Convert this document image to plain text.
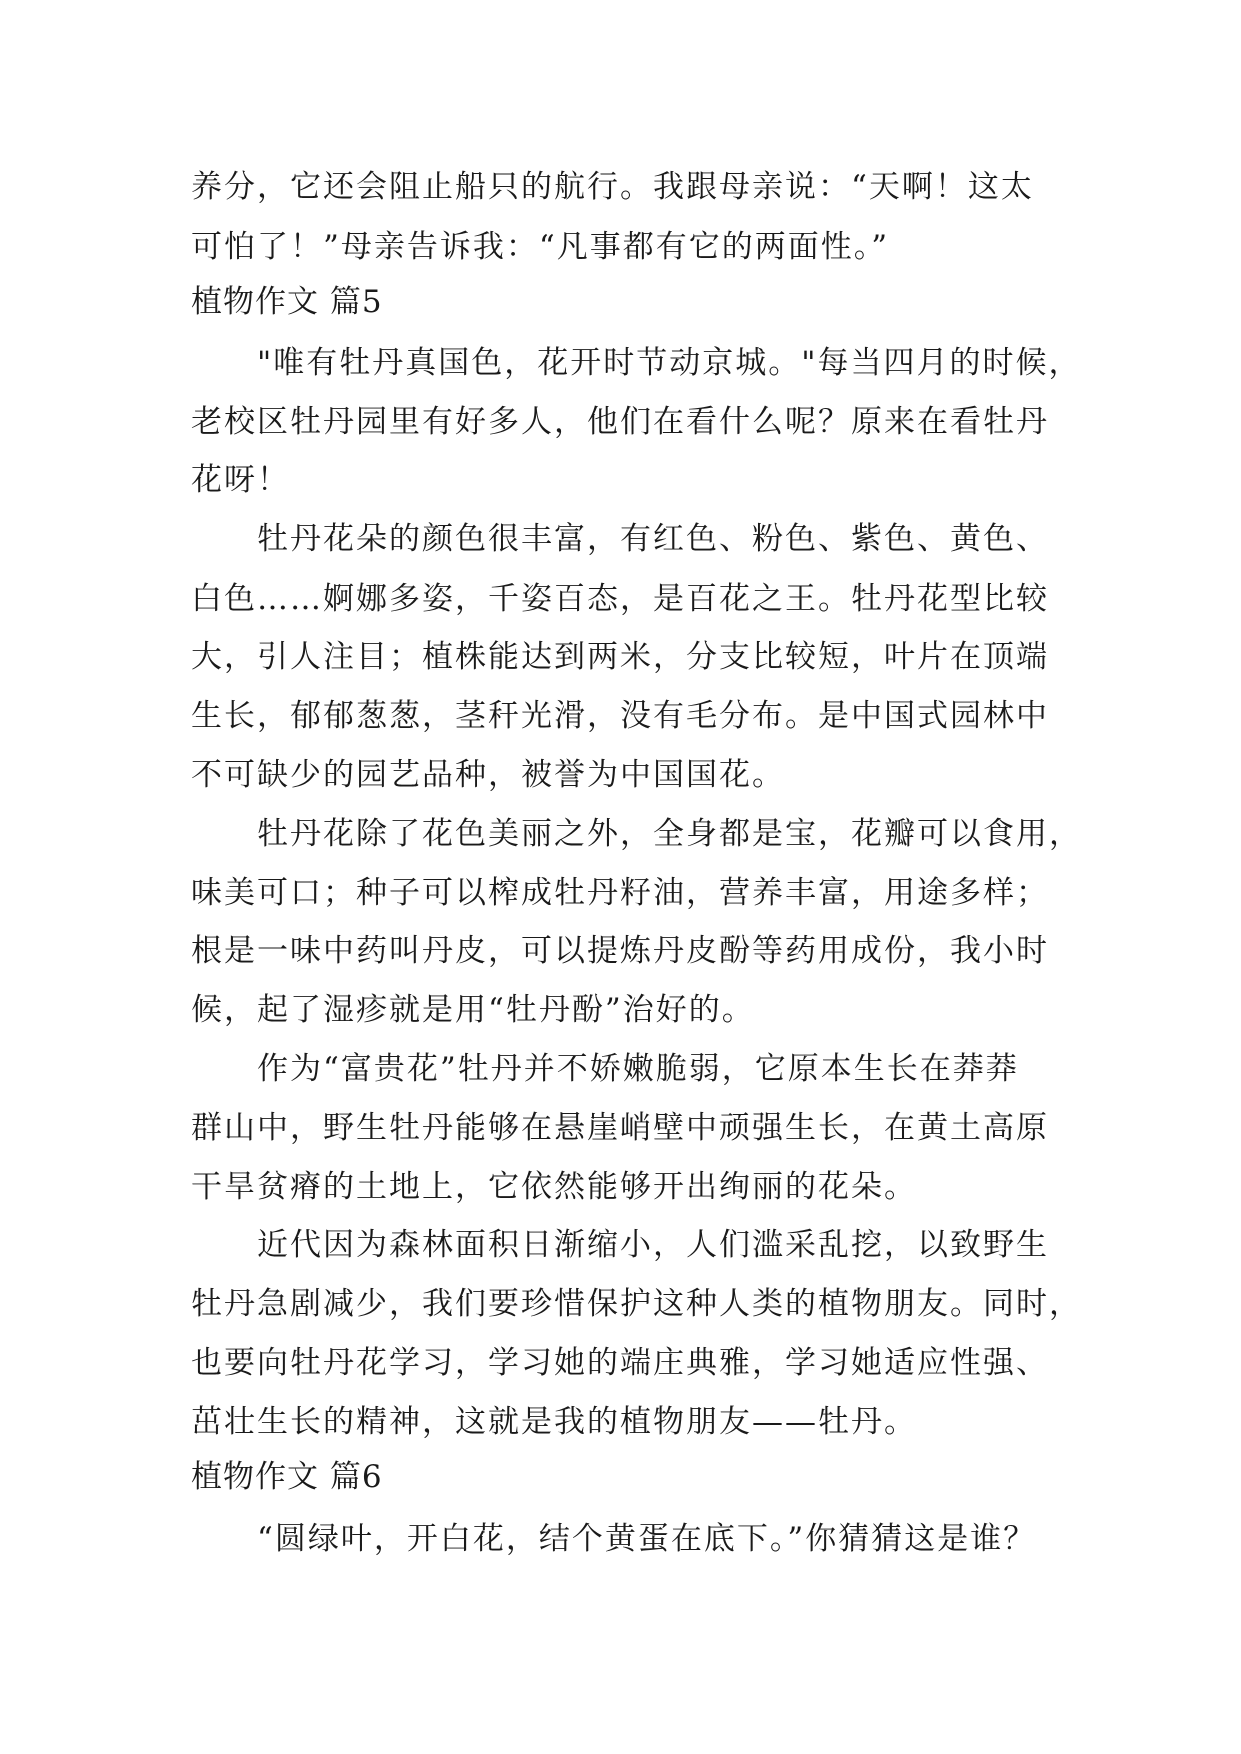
养分，它还会阻止船只的航行。我跟母亲说：“天啊！这太
可怕了！”母亲告诉我：“凡事都有它的两面性。”
植物作文 篇5
"唯有牡丹真国色，花开时节动京城。"每当四月的时候，
老校区牡丹园里有好多人，他们在看什么呢？原来在看牡丹
花呀！
牡丹花朵的颜色很丰富，有红色、粉色、紫色、黄色、
白色……婀娜多姿，千姿百态，是百花之王。牡丹花型比较
大，引人注目；植株能达到两米，分支比较短，叶片在顶端
生长，郁郁葱葱，茎秆光滑，没有毛分布。是中国式园林中
不可缺少的园艺品种，被誉为中国国花。
牡丹花除了花色美丽之外，全身都是宝，花瓣可以食用，
味美可口；种子可以榨成牡丹籽油，营养丰富，用途多样；
根是一味中药叫丹皮，可以提炼丹皮酚等药用成份，我小时
候，起了湿疹就是用“牡丹酚”治好的。
作为“富贵花”牡丹并不娇嫩脆弱，它原本生长在莽莽
群山中，野生牡丹能够在悬崖峭壁中顽强生长，在黄土高原
干旱贫瘠的土地上，它依然能够开出绚丽的花朵。
近代因为森林面积日渐缩小，人们滥采乱挖，以致野生
牡丹急剧减少，我们要珍惜保护这种人类的植物朋友。同时，
也要向牡丹花学习，学习她的端庄典雅，学习她适应性强、
茁壮生长的精神，这就是我的植物朋友——牡丹。
植物作文 篇6
“圆绿叶，开白花，结个黄蛋在底下。”你猜猜这是谁？
